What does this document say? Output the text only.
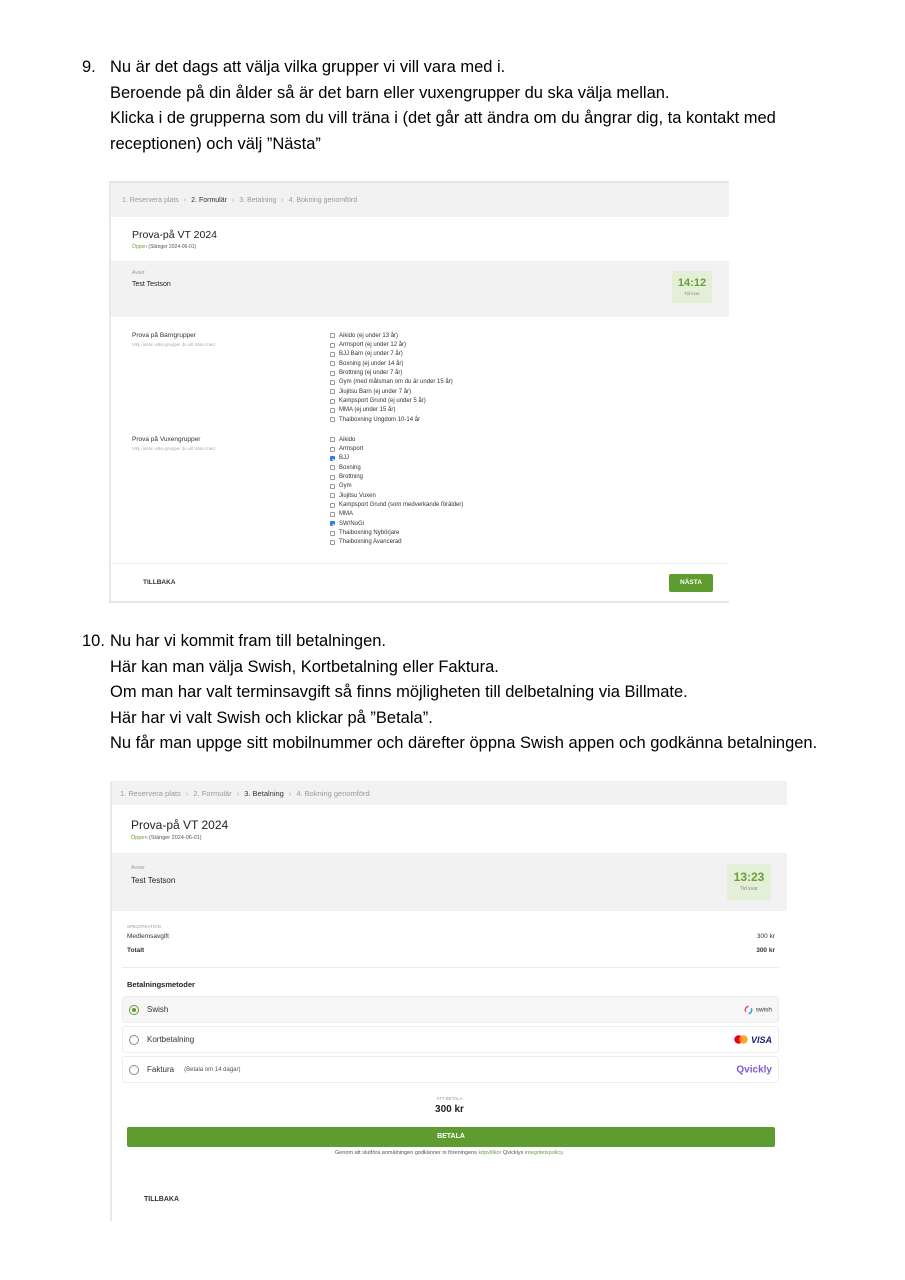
9. Nu är det dags att välja vilka grupper vi vill vara med i.
Beroende på din ålder så är det barn eller vuxengrupper du ska välja mellan.
Klicka i de grupperna som du vill träna i (det går att ändra om du ångrar dig, ta kontakt med
receptionen) och välj ”Nästa”
1. Reservera plats › 2. Formulär › 3. Betalning › 4. Bokning genomförd
Prova-på VT 2024
Öppen (Stänger 2024-06-01)
Avser
Test Testson	14:12
Tid kvar
Prova på Barngrupper
Välj i listan vilka grupper du vill träna med
Aikido (ej under 13 år)
Armsport (ej under 12 år)
BJJ Barn (ej under 7 år)
Boxning (ej under 14 år)
Brottning (ej under 7 år)
Gym (med målsman om du är under 15 år)
Jiujitsu Barn (ej under 7 år)
Kampsport Grund (ej under 5 år)
MMA (ej under 15 år)
Thaiboxning Ungdom 10-14 år
Prova på Vuxengrupper
Välj i listan vilka grupper du vill träna med
Aikido
Armsport
BJJ
Boxning
Brottning
Gym
Jiujitsu Vuxen
Kampsport Grund (som medverkande förälder)
MMA
SW/NoGi
Thaiboxning Nybörjare
Thaiboxning Avancerad
TILLBAKA	NÄSTA
10. Nu har vi kommit fram till betalningen.
Här kan man välja Swish, Kortbetalning eller Faktura.
Om man har valt terminsavgift så finns möjligheten till delbetalning via Billmate.
Här har vi valt Swish och klickar på ”Betala”.
Nu får man uppge sitt mobilnummer och därefter öppna Swish appen och godkänna betalningen.
1. Reservera plats › 2. Formulär › 3. Betalning › 4. Bokning genomförd
Prova-på VT 2024
Öppen (Stänger 2024-06-01)
Avser
Test Testson	13:23
Tid kvar
SPECIFIKATION
Medlemsavgift	300 kr
Totalt	300 kr
Betalningsmetoder
Swish	swish
Kortbetalning	VISA
Faktura (Betala om 14 dagar)	Qvickly
ATT BETALA
300 kr
BETALA
Genom att slutföra anmälningen godkänner ni föreningens köpvillkor Qvicklys integritetspolicy.
TILLBAKA
